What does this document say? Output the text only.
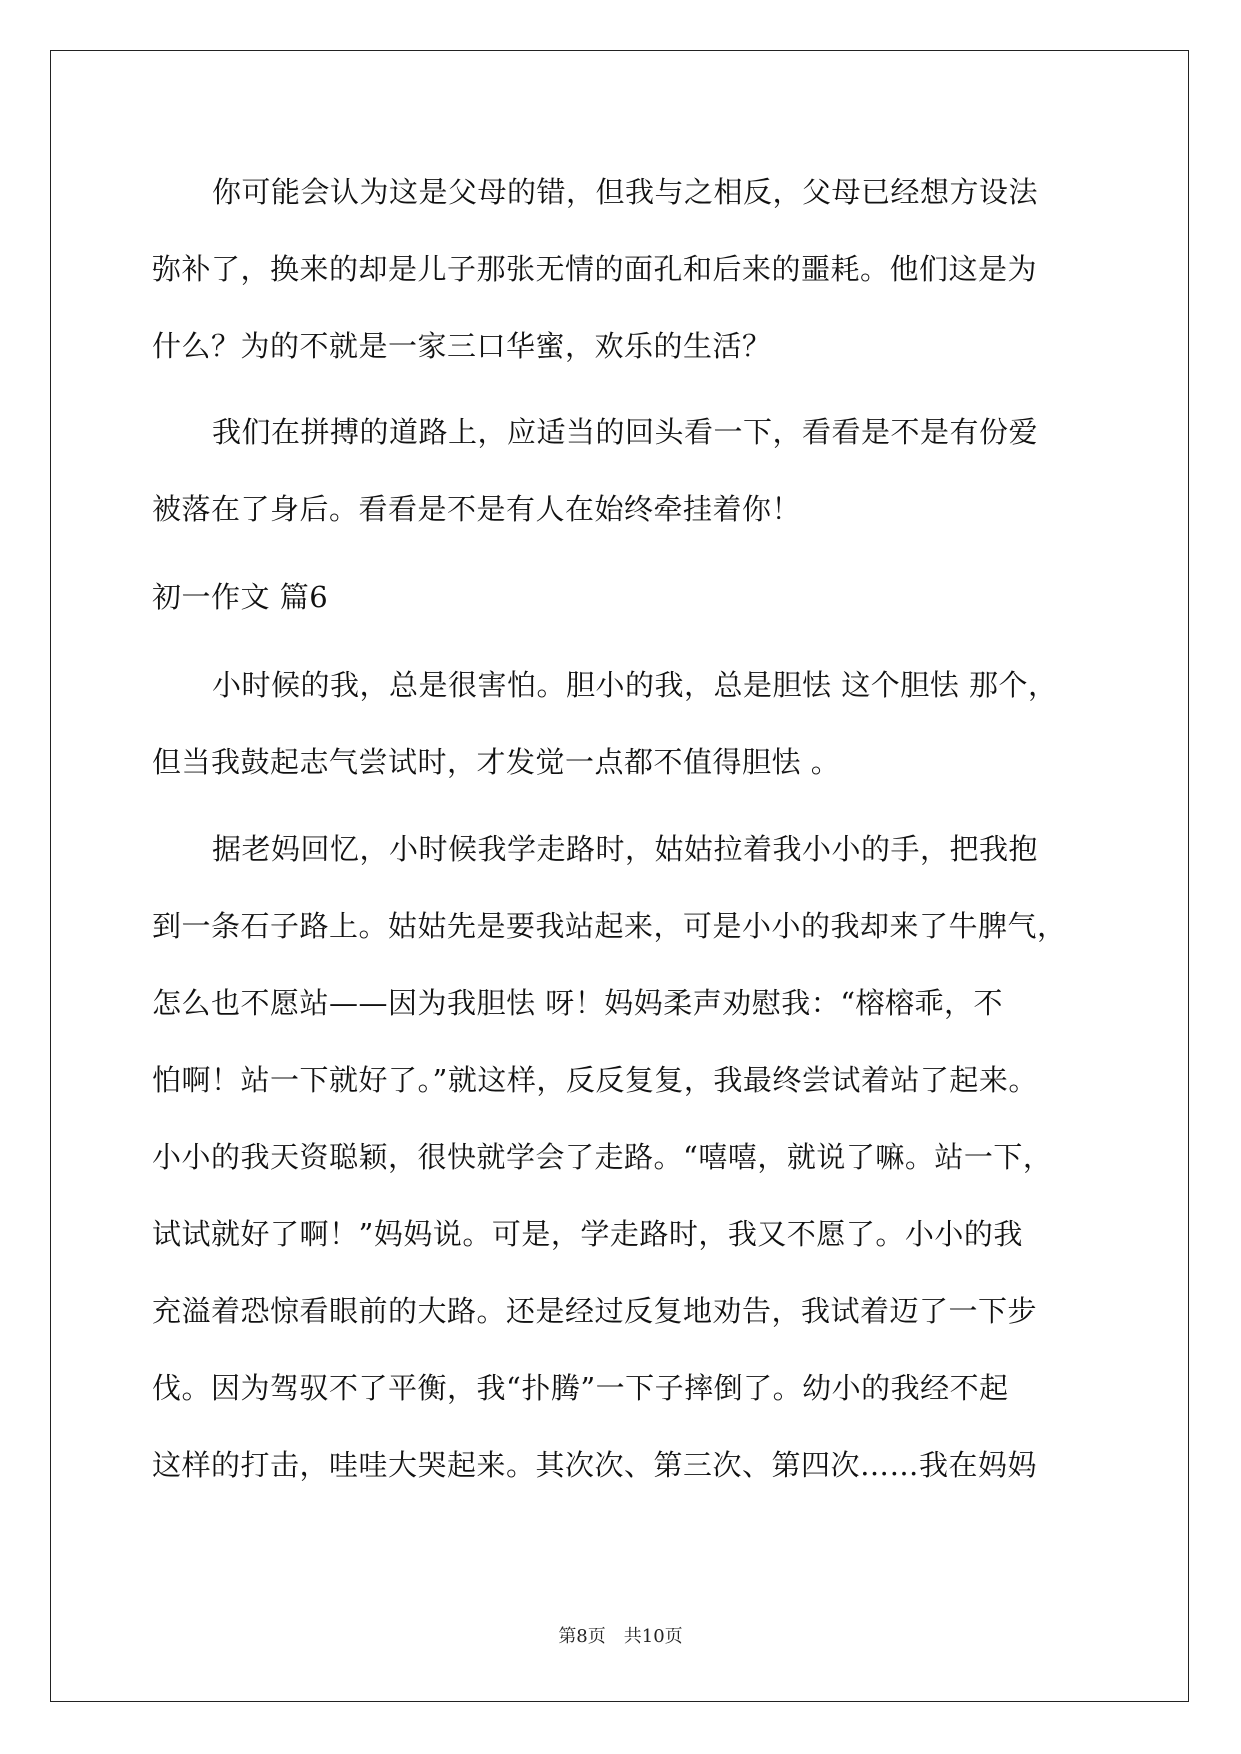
你可能会认为这是父母的错，但我与之相反，父母已经想方设法
弥补了，换来的却是儿子那张无情的面孔和后来的噩耗。他们这是为
什么？为的不就是一家三口华蜜，欢乐的生活？
我们在拼搏的道路上，应适当的回头看一下，看看是不是有份爱
被落在了身后。看看是不是有人在始终牵挂着你！
初一作文 篇6
小时候的我，总是很害怕。胆小的我，总是胆怯 这个胆怯 那个，
但当我鼓起志气尝试时，才发觉一点都不值得胆怯 。
据老妈回忆，小时候我学走路时，姑姑拉着我小小的手，把我抱
到一条石子路上。姑姑先是要我站起来，可是小小的我却来了牛脾气，
怎么也不愿站——因为我胆怯 呀！妈妈柔声劝慰我：“榕榕乖，不
怕啊！站一下就好了。”就这样，反反复复，我最终尝试着站了起来。
小小的我天资聪颖，很快就学会了走路。“嘻嘻，就说了嘛。站一下，
试试就好了啊！”妈妈说。可是，学走路时，我又不愿了。小小的我
充溢着恐惊看眼前的大路。还是经过反复地劝告，我试着迈了一下步
伐。因为驾驭不了平衡，我“扑腾”一下子摔倒了。幼小的我经不起
这样的打击，哇哇大哭起来。其次次、第三次、第四次……我在妈妈
第8页　共10页
